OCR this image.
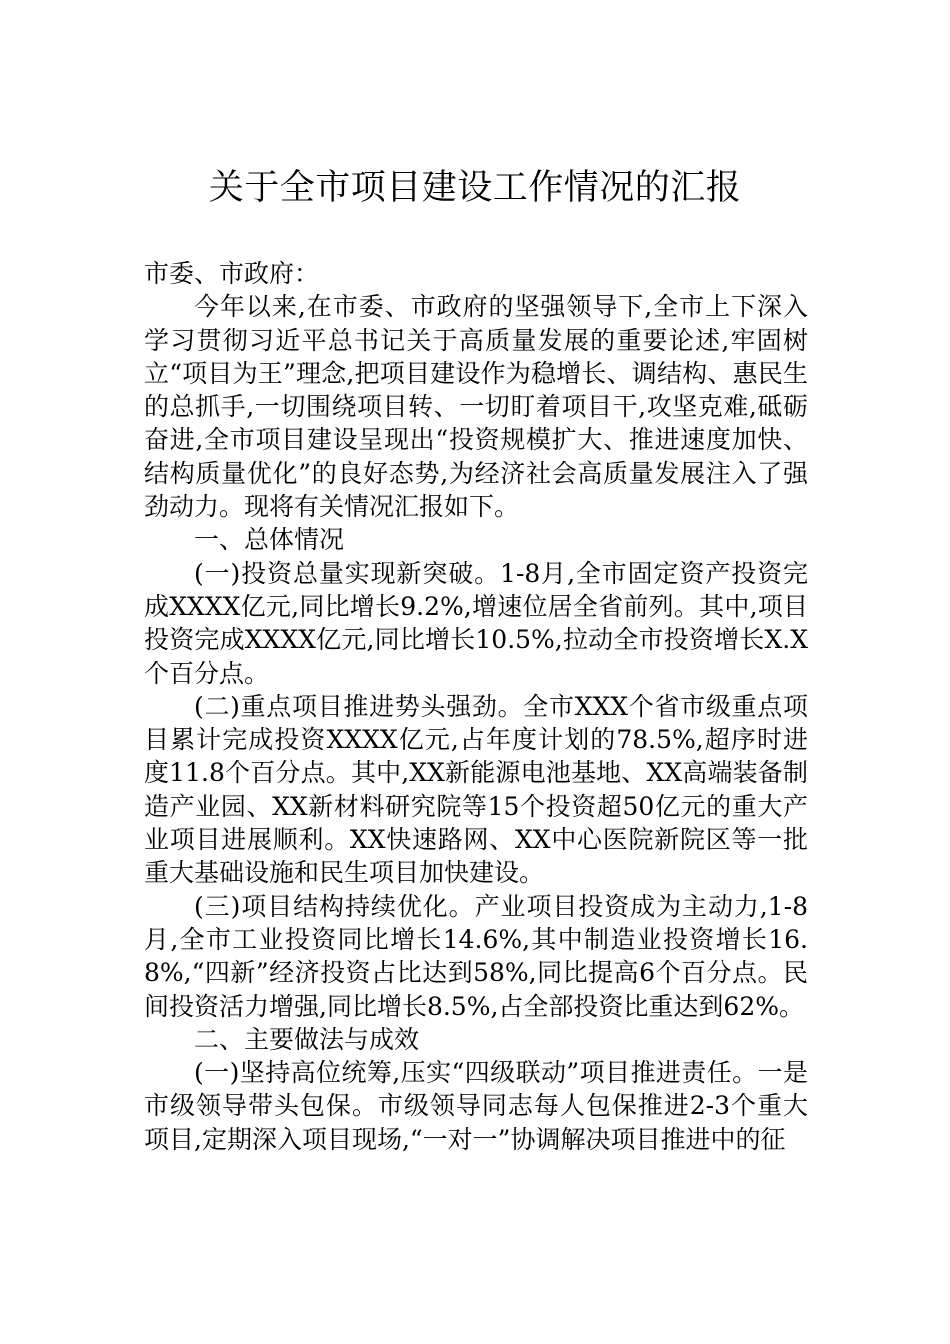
关于全市项目建设工作情况的汇报

市委、市政府：

今年以来,在市委、市政府的坚强领导下,全市上下深入学习贯彻习近平总书记关于高质量发展的重要论述,牢固树立“项目为王”理念,把项目建设作为稳增长、调结构、惠民生的总抓手,一切围绕项目转、一切盯着项目干,攻坚克难,砥砺奋进,全市项目建设呈现出“投资规模扩大、推进速度加快、结构质量优化”的良好态势,为经济社会高质量发展注入了强劲动力。现将有关情况汇报如下。

一、总体情况

(一)投资总量实现新突破。1-8月,全市固定资产投资完成XXXX亿元,同比增长9.2%,增速位居全省前列。其中,项目投资完成XXXX亿元,同比增长10.5%,拉动全市投资增长X.X个百分点。

(二)重点项目推进势头强劲。全市XXX个省市级重点项目累计完成投资XXXX亿元,占年度计划的78.5%,超序时进度11.8个百分点。其中,XX新能源电池基地、XX高端装备制造产业园、XX新材料研究院等15个投资超50亿元的重大产业项目进展顺利。XX快速路网、XX中心医院新院区等一批重大基础设施和民生项目加快建设。

(三)项目结构持续优化。产业项目投资成为主动力,1-8月,全市工业投资同比增长14.6%,其中制造业投资增长16.8%,“四新”经济投资占比达到58%,同比提高6个百分点。民间投资活力增强,同比增长8.5%,占全部投资比重达到62%。

二、主要做法与成效

(一)坚持高位统筹,压实“四级联动”项目推进责任。一是市级领导带头包保。市级领导同志每人包保推进2-3个重大项目,定期深入项目现场,“一对一”协调解决项目推进中的征
